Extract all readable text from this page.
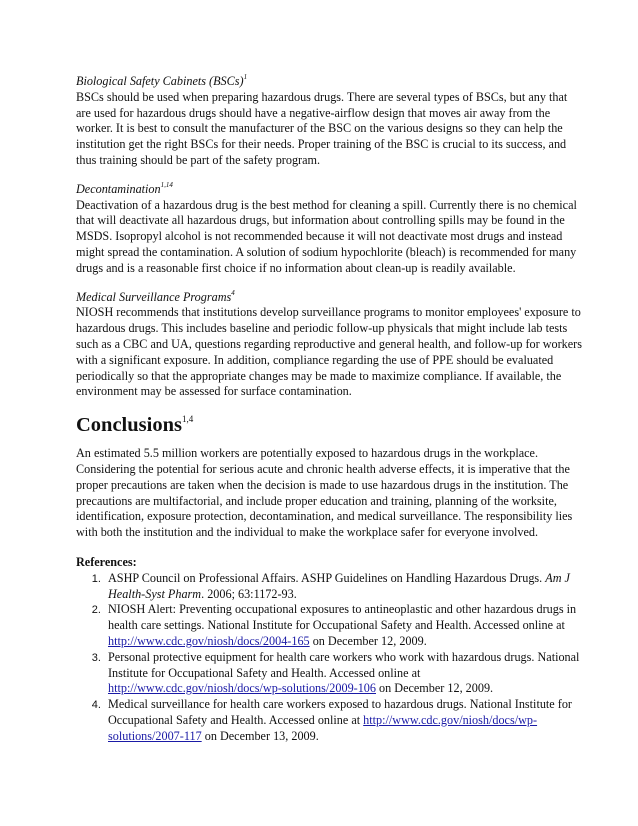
Biological Safety Cabinets (BSCs)$^1$

BSCs should be used when preparing hazardous drugs. There are several types of BSCs, but any that are used for hazardous drugs should have a negative-airflow design that moves air away from the worker. It is best to consult the manufacturer of the BSC on the various designs so they can help the institution get the right BSCs for their needs. Proper training of the BSC is crucial to its success, and thus training should be part of the safety program.

Decontamination$^{1,14}$

Deactivation of a hazardous drug is the best method for cleaning a spill. Currently there is no chemical that will deactivate all hazardous drugs, but information about controlling spills may be found in the MSDS. Isopropyl alcohol is not recommended because it will not deactivate most drugs and instead might spread the contamination. A solution of sodium hypochlorite (bleach) is recommended for many drugs and is a reasonable first choice if no information about clean-up is readily available.

Medical Surveillance Programs$^4$

NIOSH recommends that institutions develop surveillance programs to monitor employees' exposure to hazardous drugs. This includes baseline and periodic follow-up physicals that might include lab tests such as a CBC and UA, questions regarding reproductive and general health, and follow-up for workers with a significant exposure. In addition, compliance regarding the use of PPE should be evaluated periodically so that the appropriate changes may be made to maximize compliance. If available, the environment may be assessed for surface contamination.

Conclusions$^{1,4}$

An estimated 5.5 million workers are potentially exposed to hazardous drugs in the workplace. Considering the potential for serious acute and chronic health adverse effects, it is imperative that the proper precautions are taken when the decision is made to use hazardous drugs in the institution. The precautions are multifactorial, and include proper education and training, planning of the worksite, identification, exposure protection, decontamination, and medical surveillance. The responsibility lies with both the institution and the individual to make the workplace safer for everyone involved.

References:
1. ASHP Council on Professional Affairs. ASHP Guidelines on Handling Hazardous Drugs. Am J Health-Syst Pharm. 2006; 63:1172-93.
2. NIOSH Alert: Preventing occupational exposures to antineoplastic and other hazardous drugs in health care settings. National Institute for Occupational Safety and Health. Accessed online at http://www.cdc.gov/niosh/docs/2004-165 on December 12, 2009.
3. Personal protective equipment for health care workers who work with hazardous drugs. National Institute for Occupational Safety and Health. Accessed online at http://www.cdc.gov/niosh/docs/wp-solutions/2009-106 on December 12, 2009.
4. Medical surveillance for health care workers exposed to hazardous drugs. National Institute for Occupational Safety and Health. Accessed online at http://www.cdc.gov/niosh/docs/wp-solutions/2007-117 on December 13, 2009.
